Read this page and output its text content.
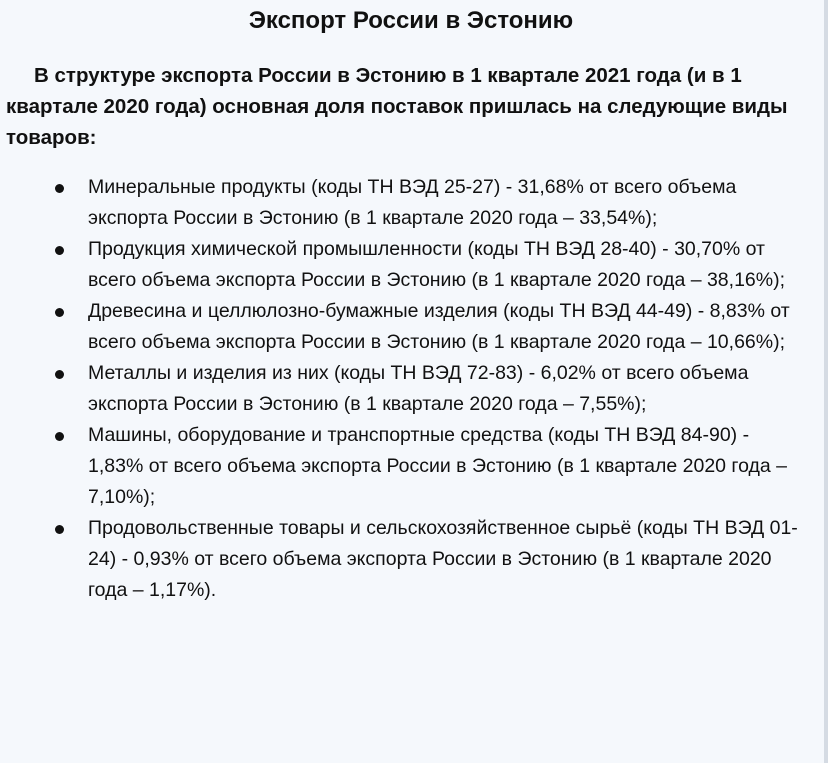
Экспорт России в Эстонию

В структуре экспорта России в Эстонию в 1 квартале 2021 года (и в 1 квартале 2020 года) основная доля поставок пришлась на следующие виды товаров:

Минеральные продукты (коды ТН ВЭД 25-27) - 31,68% от всего объема экспорта России в Эстонию (в 1 квартале 2020 года – 33,54%);
Продукция химической промышленности (коды ТН ВЭД 28-40) - 30,70% от всего объема экспорта России в Эстонию (в 1 квартале 2020 года – 38,16%);
Древесина и целлюлозно-бумажные изделия (коды ТН ВЭД 44-49) - 8,83% от всего объема экспорта России в Эстонию (в 1 квартале 2020 года – 10,66%);
Металлы и изделия из них (коды ТН ВЭД 72-83) - 6,02% от всего объема экспорта России в Эстонию (в 1 квартале 2020 года – 7,55%);
Машины, оборудование и транспортные средства (коды ТН ВЭД 84-90) - 1,83% от всего объема экспорта России в Эстонию (в 1 квартале 2020 года – 7,10%);
Продовольственные товары и сельскохозяйственное сырьё (коды ТН ВЭД 01-24) - 0,93% от всего объема экспорта России в Эстонию (в 1 квартале 2020 года – 1,17%).
